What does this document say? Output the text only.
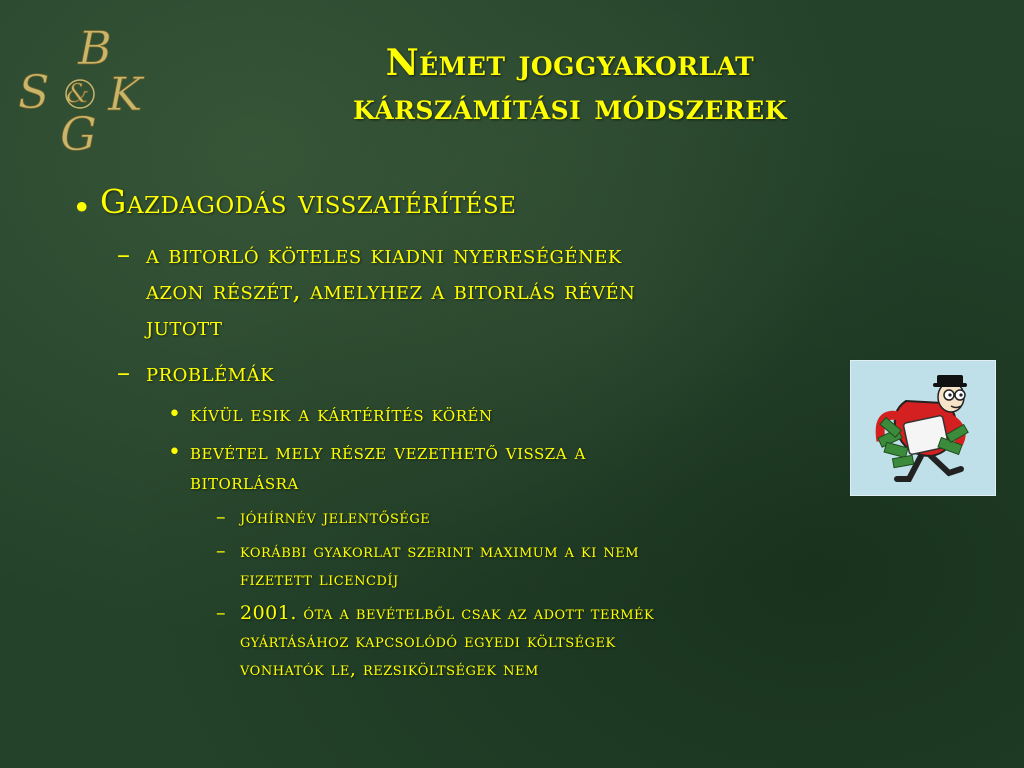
B
S & K
G
Német joggyakorlat
kárszámítási módszerek
• Gazdagodás visszatérítése
– a bitorló köteles kiadni nyereségének
azon részét, amelyhez a bitorlás révén
jutott
– problémák
• kívül esik a kártérítés körén
• bevétel mely része vezethető vissza a
bitorlásra
– jóhírnév jelentősége
– korábbi gyakorlat szerint maximum a ki nem
fizetett licencdíj
– 2001. óta a bevételből csak az adott termék
gyártásához kapcsolódó egyedi költségek
vonhatók le, rezsiköltségek nem
